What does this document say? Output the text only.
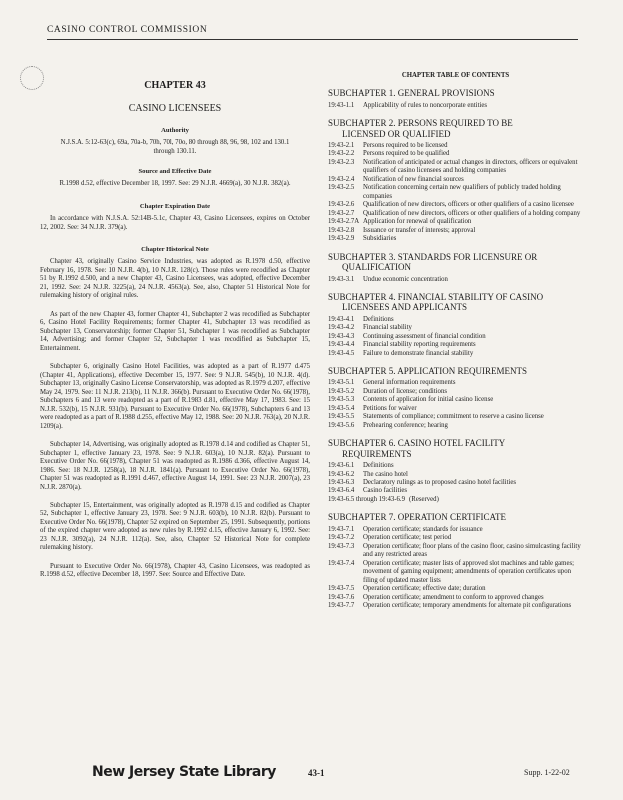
CASINO CONTROL COMMISSION
CHAPTER 43
CASINO LICENSEES
Authority
N.J.S.A. 5:12-63(c), 69a, 70a-b, 70h, 70l, 70o, 80 through 88, 96, 98, 102 and 130.1 through 130.11.
Source and Effective Date
R.1998 d.52, effective December 18, 1997. See: 29 N.J.R. 4669(a), 30 N.J.R. 382(a).
Chapter Expiration Date
In accordance with N.J.S.A. 52:14B-5.1c, Chapter 43, Casino Licensees, expires on October 12, 2002. See: 34 N.J.R. 379(a).
Chapter Historical Note
Chapter 43, originally Casino Service Industries, was adopted as R.1978 d.50, effective February 16, 1978. See: 10 N.J.R. 4(b), 10 N.J.R. 128(c). Those rules were recodified as Chapter 51 by R.1992 d.500, and a new Chapter 43, Casino Licensees, was adopted, effective December 21, 1992. See: 24 N.J.R. 3225(a), 24 N.J.R. 4563(a). See, also, Chapter 51 Historical Note for rulemaking history of original rules.
As part of the new Chapter 43, former Chapter 41, Subchapter 2 was recodified as Subchapter 6, Casino Hotel Facility Requirements; former Chapter 41, Subchapter 13 was recodified as Subchapter 13, Conservatorship; former Chapter 51, Subchapter 1 was recodified as Subchapter 14, Advertising; and former Chapter 52, Subchapter 1 was recodified as Subchapter 15, Entertainment.
Subchapter 6, originally Casino Hotel Facilities, was adopted as a part of R.1977 d.475 (Chapter 41, Applications), effective December 15, 1977. See: 9 N.J.R. 545(b), 10 N.J.R. 4(d). Subchapter 13, originally Casino License Conservatorship, was adopted as R.1979 d.207, effective May 24, 1979. See: 11 N.J.R. 213(b), 11 N.J.R. 366(b). Pursuant to Executive Order No. 66(1978), Subchapters 6 and 13 were readopted as a part of R.1983 d.81, effective May 17, 1983. See: 15 N.J.R. 532(b), 15 N.J.R. 931(b). Pursuant to Executive Order No. 66(1978), Subchapters 6 and 13 were readopted as a part of R.1988 d.255, effective May 12, 1988. See: 20 N.J.R. 763(a), 20 N.J.R. 1209(a).
Subchapter 14, Advertising, was originally adopted as R.1978 d.14 and codified as Chapter 51, Subchapter 1, effective January 23, 1978. See: 9 N.J.R. 603(a), 10 N.J.R. 82(a). Pursuant to Executive Order No. 66(1978), Chapter 51 was readopted as R.1986 d.366, effective August 14, 1986. See: 18 N.J.R. 1258(a), 18 N.J.R. 1841(a). Pursuant to Executive Order No. 66(1978), Chapter 51 was readopted as R.1991 d.467, effective August 14, 1991. See: 23 N.J.R. 2007(a), 23 N.J.R. 2870(a).
Subchapter 15, Entertainment, was originally adopted as R.1978 d.15 and codified as Chapter 52, Subchapter 1, effective January 23, 1978. See: 9 N.J.R. 603(b), 10 N.J.R. 82(b). Pursuant to Executive Order No. 66(1978), Chapter 52 expired on September 25, 1991. Subsequently, portions of the expired chapter were adopted as new rules by R.1992 d.15, effective January 6, 1992. See: 23 N.J.R. 3092(a), 24 N.J.R. 112(a). See, also, Chapter 52 Historical Note for complete rulemaking history.
Pursuant to Executive Order No. 66(1978), Chapter 43, Casino Licensees, was readopted as R.1998 d.52, effective December 18, 1997. See: Source and Effective Date.
CHAPTER TABLE OF CONTENTS
SUBCHAPTER 1. GENERAL PROVISIONS
19:43-1.1	Applicability of rules to noncorporate entities
SUBCHAPTER 2. PERSONS REQUIRED TO BE
LICENSED OR QUALIFIED
19:43-2.1	Persons required to be licensed
19:43-2.2	Persons required to be qualified
19:43-2.3	Notification of anticipated or actual changes in directors, officers or equivalent qualifiers of casino licensees and holding companies
19:43-2.4	Notification of new financial sources
19:43-2.5	Notification concerning certain new qualifiers of publicly traded holding companies
19:43-2.6	Qualification of new directors, officers or other qualifiers of a casino licensee
19:43-2.7	Qualification of new directors, officers or other qualifiers of a holding company
19:43-2.7A Application for renewal of qualification
19:43-2.8	Issuance or transfer of interests; approval
19:43-2.9	Subsidiaries
SUBCHAPTER 3. STANDARDS FOR LICENSURE OR
QUALIFICATION
19:43-3.1	Undue economic concentration
SUBCHAPTER 4. FINANCIAL STABILITY OF CASINO
LICENSEES AND APPLICANTS
19:43-4.1	Definitions
19:43-4.2	Financial stability
19:43-4.3	Continuing assessment of financial condition
19:43-4.4	Financial stability reporting requirements
19:43-4.5	Failure to demonstrate financial stability
SUBCHAPTER 5. APPLICATION REQUIREMENTS
19:43-5.1	General information requirements
19:43-5.2	Duration of license; conditions
19:43-5.3	Contents of application for initial casino license
19:43-5.4	Petitions for waiver
19:43-5.5	Statements of compliance; commitment to reserve a casino license
19:43-5.6	Prehearing conference; hearing
SUBCHAPTER 6. CASINO HOTEL FACILITY
REQUIREMENTS
19:43-6.1	Definitions
19:43-6.2	The casino hotel
19:43-6.3	Declaratory rulings as to proposed casino hotel facilities
19:43-6.4	Casino facilities
19:43-6.5 through 19:43-6.9 (Reserved)
SUBCHAPTER 7. OPERATION CERTIFICATE
19:43-7.1	Operation certificate; standards for issuance
19:43-7.2	Operation certificate; test period
19:43-7.3	Operation certificate; floor plans of the casino floor, casino simulcasting facility and any restricted areas
19:43-7.4	Operation certificate; master lists of approved slot machines and table games; movement of gaming equipment; amendments of operation certificates upon filing of updated master lists
19:43-7.5	Operation certificate; effective date; duration
19:43-7.6	Operation certificate; amendment to conform to approved changes
19:43-7.7	Operation certificate; temporary amendments for alternate pit configurations
New Jersey State Library	43-1	Supp. 1-22-02
